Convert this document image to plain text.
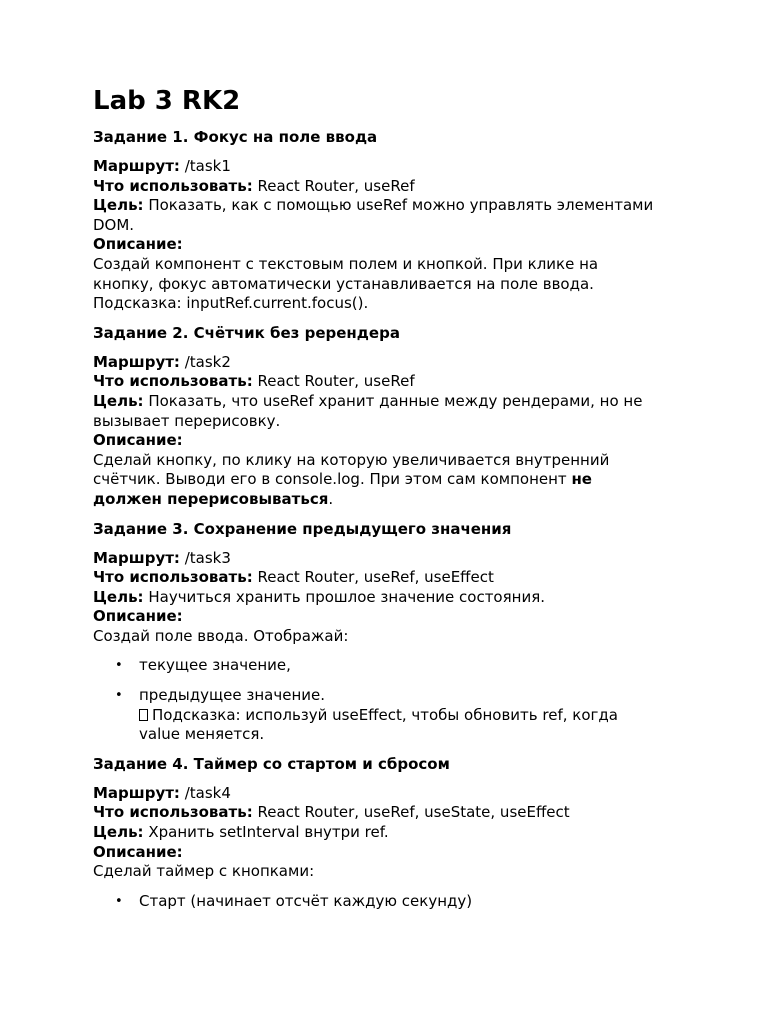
Lab 3 RK2
Задание 1. Фокус на поле ввода
Маршрут: /task1
Что использовать: React Router, useRef
Цель: Показать, как с помощью useRef можно управлять элементами
DOM.
Описание:
Создай компонент с текстовым полем и кнопкой. При клике на
кнопку, фокус автоматически устанавливается на поле ввода.
Подсказка: inputRef.current.focus().
Задание 2. Счётчик без ререндера
Маршрут: /task2
Что использовать: React Router, useRef
Цель: Показать, что useRef хранит данные между рендерами, но не
вызывает перерисовку.
Описание:
Сделай кнопку, по клику на которую увеличивается внутренний
счётчик. Выводи его в console.log. При этом сам компонент не
должен перерисовываться.
Задание 3. Сохранение предыдущего значения
Маршрут: /task3
Что использовать: React Router, useRef, useEffect
Цель: Научиться хранить прошлое значение состояния.
Описание:
Создай поле ввода. Отображай:
• текущее значение,
• предыдущее значение.
Подсказка: используй useEffect, чтобы обновить ref, когда
value меняется.
Задание 4. Таймер со стартом и сбросом
Маршрут: /task4
Что использовать: React Router, useRef, useState, useEffect
Цель: Хранить setInterval внутри ref.
Описание:
Сделай таймер с кнопками:
• Старт (начинает отсчёт каждую секунду)
